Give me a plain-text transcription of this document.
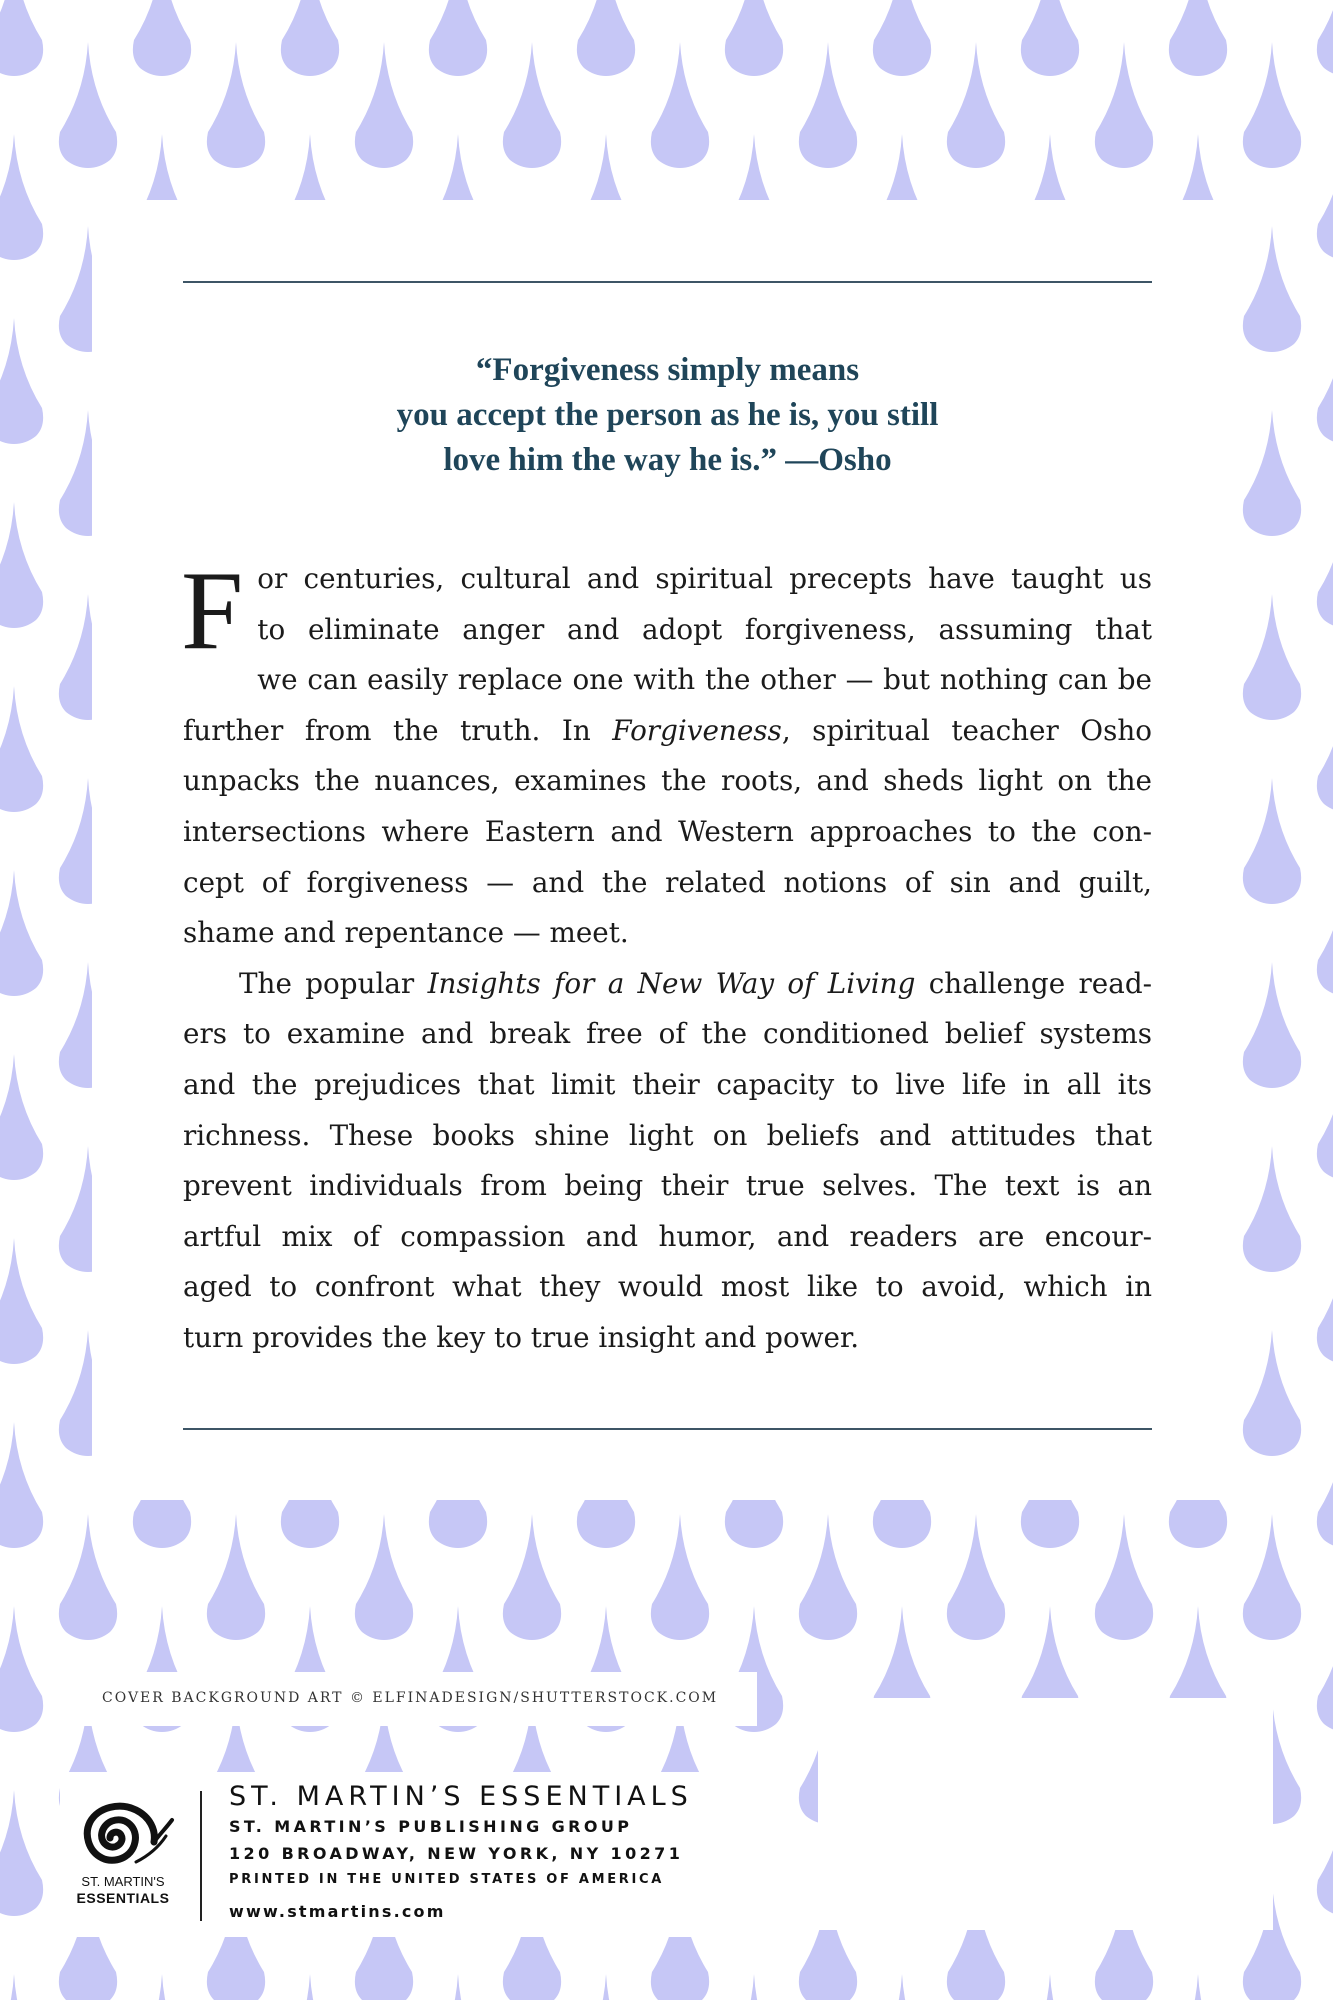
“Forgiveness simply means
you accept the person as he is, you still
love him the way he is.” —Osho
F or centuries, cultural and spiritual precepts have taught us
to eliminate anger and adopt forgiveness, assuming that
we can easily replace one with the other — but nothing can be
further from the truth. In Forgiveness, spiritual teacher Osho
unpacks the nuances, examines the roots, and sheds light on the
intersections where Eastern and Western approaches to the con-
cept of forgiveness — and the related notions of sin and guilt,
shame and repentance — meet.
The popular Insights for a New Way of Living challenge read-
ers to examine and break free of the conditioned belief systems
and the prejudices that limit their capacity to live life in all its
richness. These books shine light on beliefs and attitudes that
prevent individuals from being their true selves. The text is an
artful mix of compassion and humor, and readers are encour-
aged to confront what they would most like to avoid, which in
turn provides the key to true insight and power.
COVER BACKGROUND ART © ELFINADESIGN/SHUTTERSTOCK.COM
ST. MARTIN'S
ESSENTIALS
ST. MARTIN’S ESSENTIALS
ST. MARTIN’S PUBLISHING GROUP
120 BROADWAY, NEW YORK, NY 10271
PRINTED IN THE UNITED STATES OF AMERICA
www.stmartins.com
